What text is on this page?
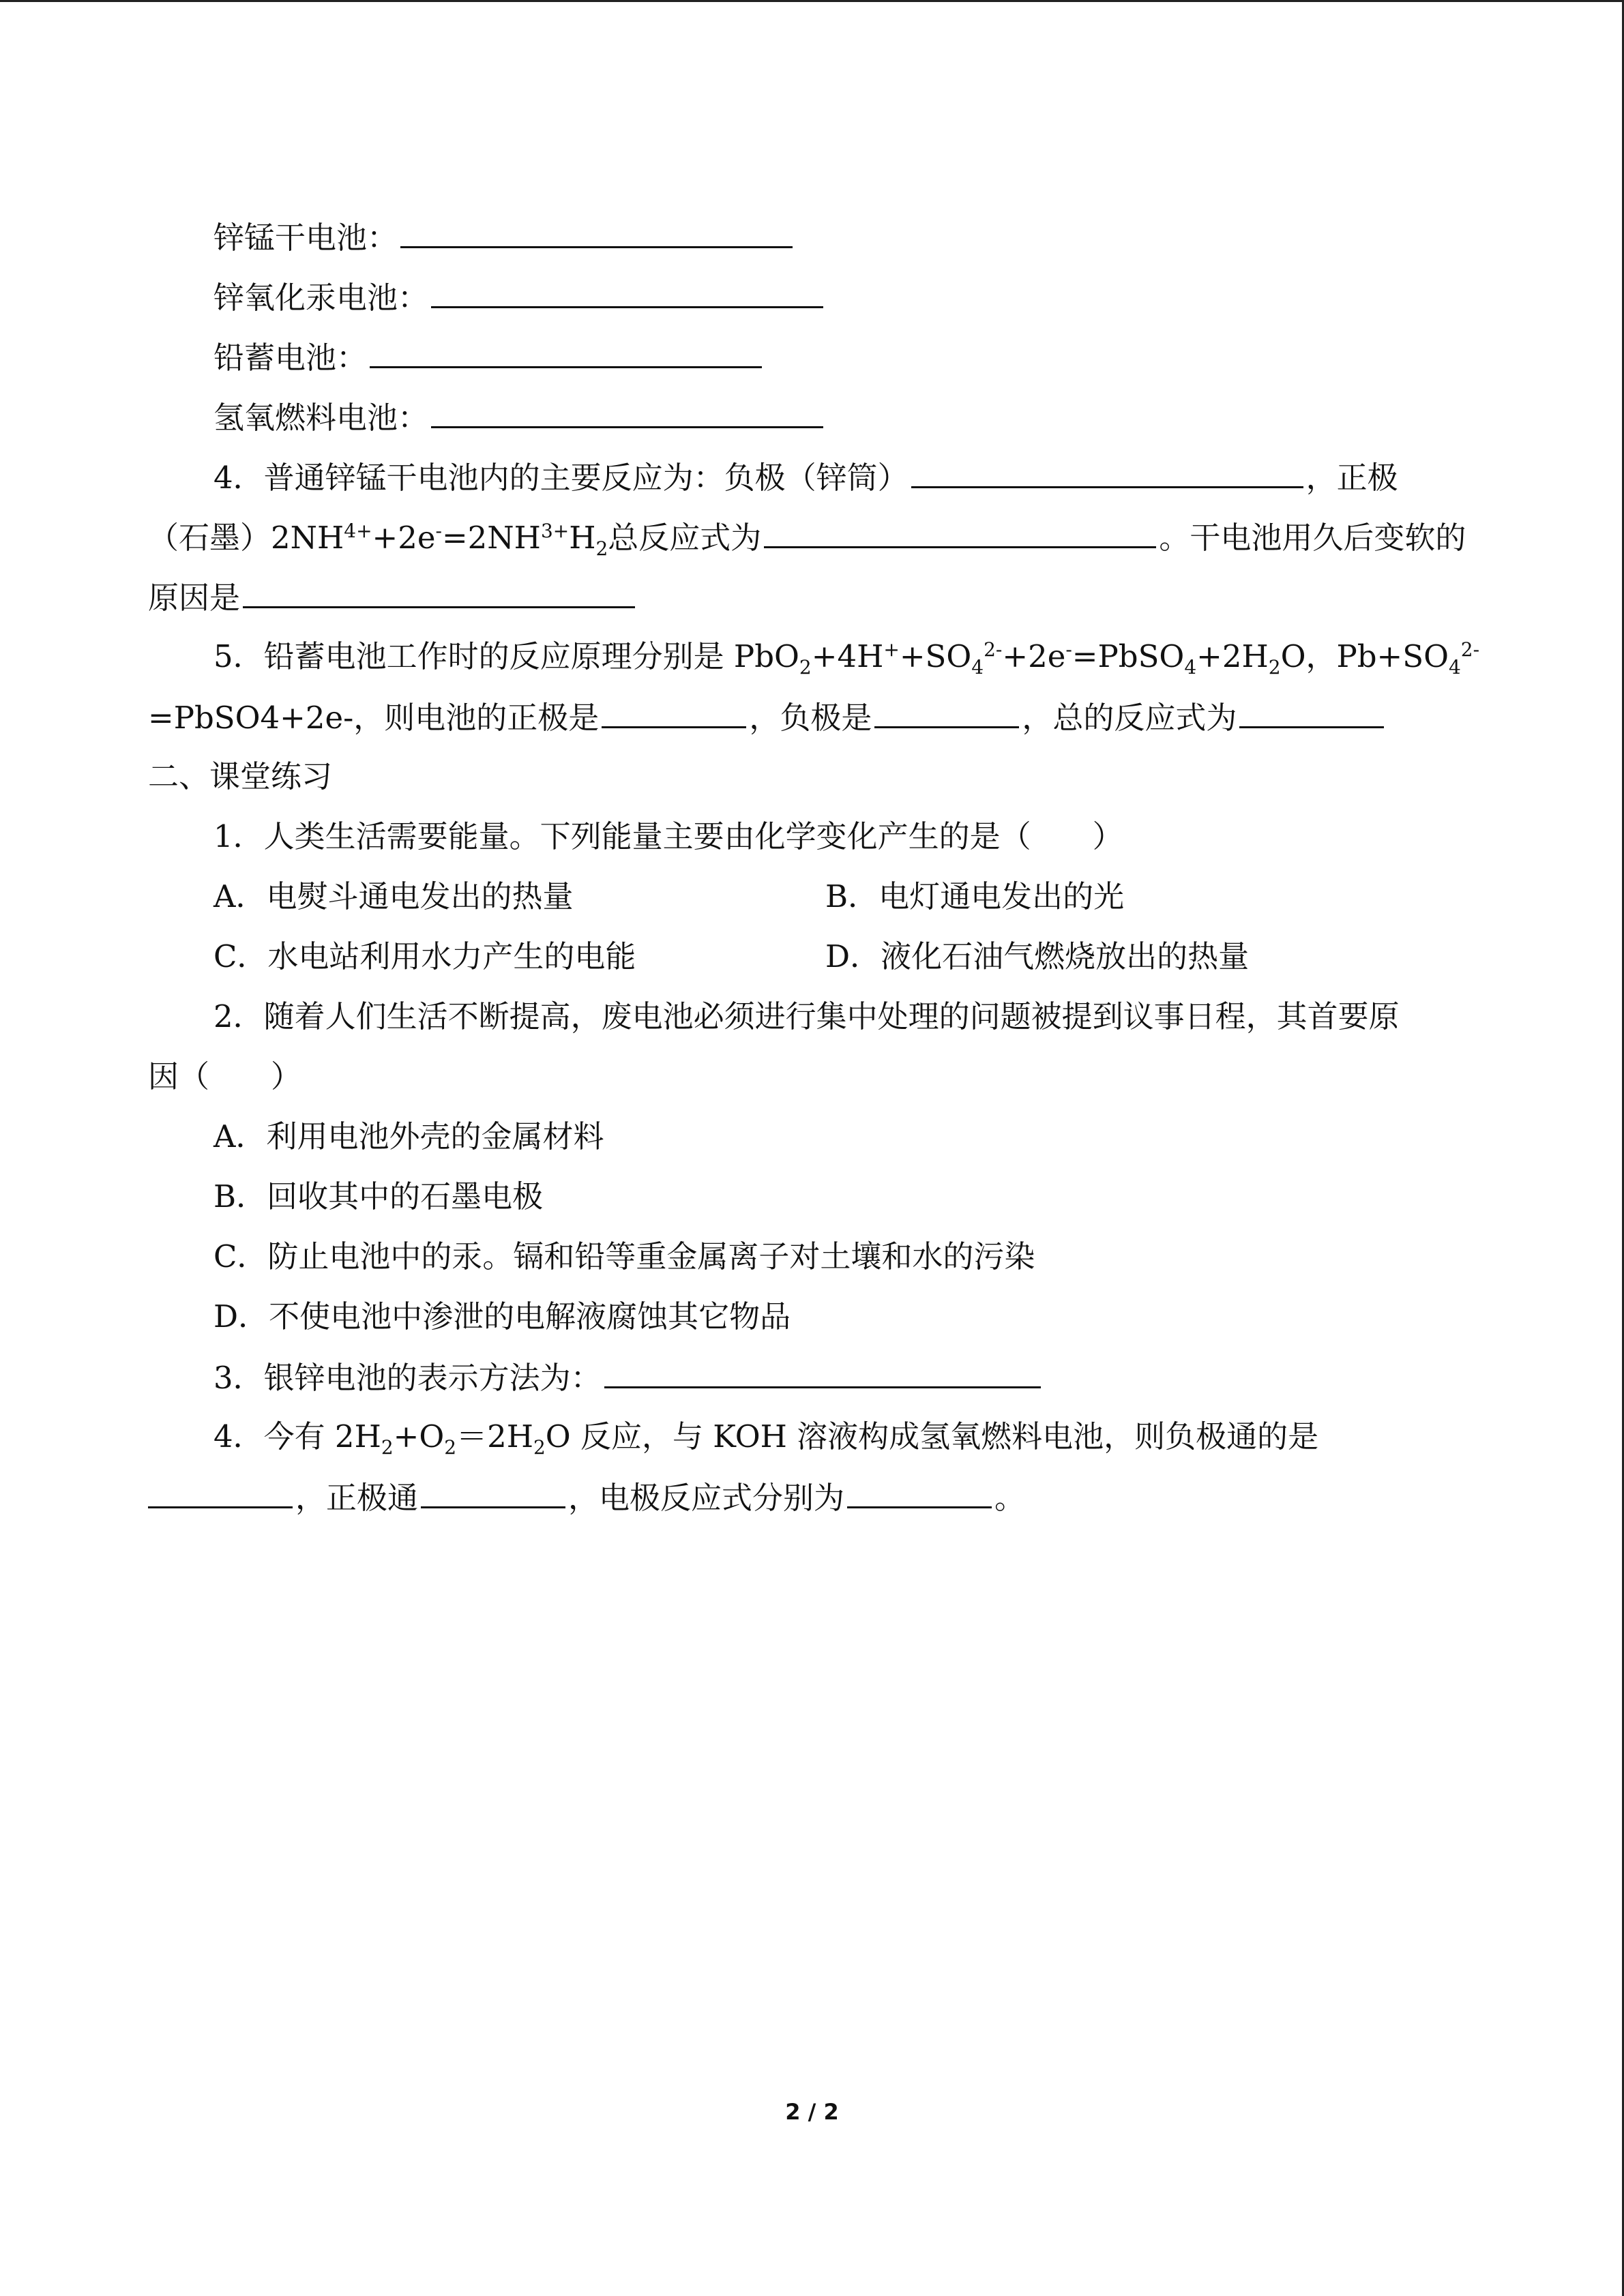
锌锰干电池：
锌氧化汞电池：
铅蓄电池：
氢氧燃料电池：
4．普通锌锰干电池内的主要反应为：负极（锌筒）	，正极
（石墨）$2NH^{4+}+2e^-=2NH^{3+}H_2$总反应式为	。干电池用久后变软的
原因是
5．铅蓄电池工作时的反应原理分别是 $PbO_2+4H^++SO_4^{2-}+2e^-=PbSO_4+2H_2O$，$Pb+SO_4^{2-}$
=PbSO4+2e-，则电池的正极是	，负极是	，总的反应式为
二、课堂练习
1．人类生活需要能量。下列能量主要由化学变化产生的是（　　）
A．电熨斗通电发出的热量	B．电灯通电发出的光
C．水电站利用水力产生的电能	D．液化石油气燃烧放出的热量
2．随着人们生活不断提高，废电池必须进行集中处理的问题被提到议事日程，其首要原
因（　　）
A．利用电池外壳的金属材料
B．回收其中的石墨电极
C．防止电池中的汞。镉和铅等重金属离子对土壤和水的污染
D．不使电池中渗泄的电解液腐蚀其它物品
3．银锌电池的表示方法为：
4．今有 $2H_2+O_2=2H_2O$ 反应，与 KOH 溶液构成氢氧燃料电池，则负极通的是
，正极通	，电极反应式分别为	。
2 / 2
